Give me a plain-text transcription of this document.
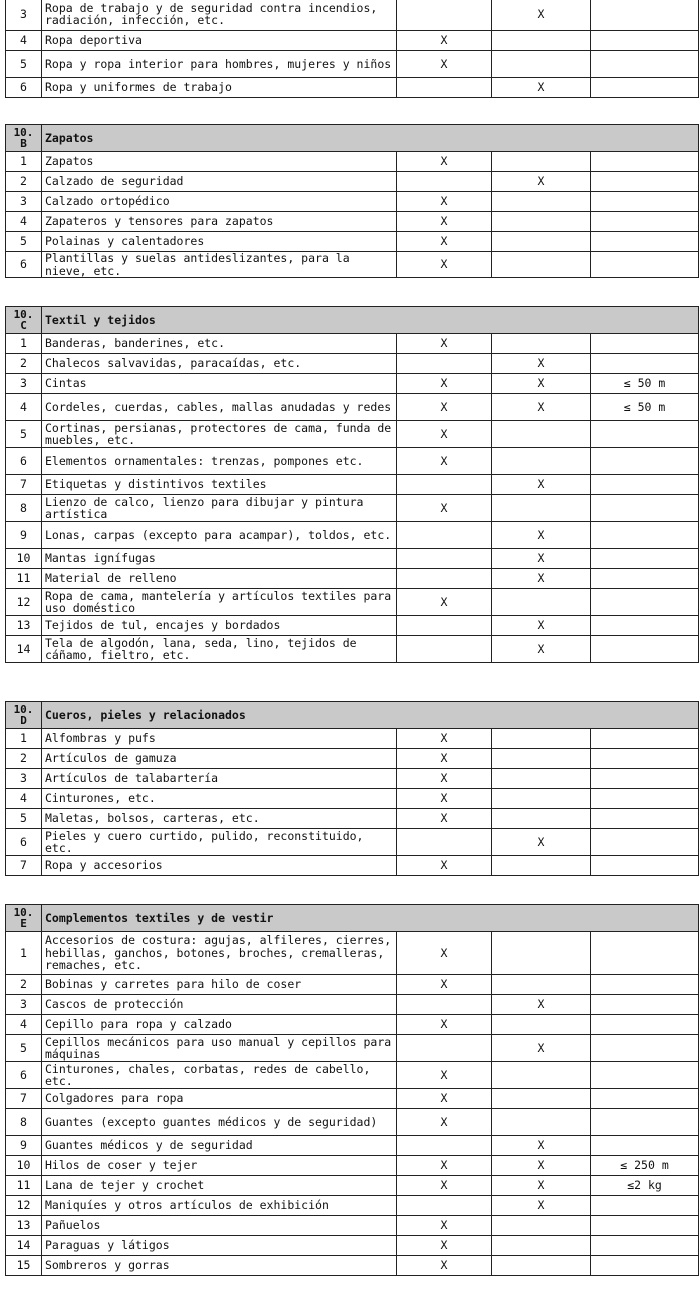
3	Ropa de trabajo y de seguridad contra incendios, radiación, infección, etc.		X	
4	Ropa deportiva	X		
5	Ropa y ropa interior para hombres, mujeres y niños	X		
6	Ropa y uniformes de trabajo		X	
10.
B	Zapatos			
1	Zapatos	X		
2	Calzado de seguridad		X	
3	Calzado ortopédico	X		
4	Zapateros y tensores para zapatos	X		
5	Polainas y calentadores	X		
6	Plantillas y suelas antideslizantes, para la nieve, etc.	X		
10.
C	Textil y tejidos			
1	Banderas, banderines, etc.	X		
2	Chalecos salvavidas, paracaídas, etc.		X	
3	Cintas	X	X	≤ 50 m
4	Cordeles, cuerdas, cables, mallas anudadas y redes	X	X	≤ 50 m
5	Cortinas, persianas, protectores de cama, funda de muebles, etc.	X		
6	Elementos ornamentales: trenzas, pompones etc.	X		
7	Etiquetas y distintivos textiles		X	
8	Lienzo de calco, lienzo para dibujar y pintura artística	X		
9	Lonas, carpas (excepto para acampar), toldos, etc.		X	
10	Mantas ignífugas		X	
11	Material de relleno		X	
12	Ropa de cama, mantelería y artículos textiles para uso doméstico	X		
13	Tejidos de tul, encajes y bordados		X	
14	Tela de algodón, lana, seda, lino, tejidos de cáñamo, fieltro, etc.		X	
10.
D	Cueros, pieles y relacionados			
1	Alfombras y pufs	X		
2	Artículos de gamuza	X		
3	Artículos de talabartería	X		
4	Cinturones, etc.	X		
5	Maletas, bolsos, carteras, etc.	X		
6	Pieles y cuero curtido, pulido, reconstituido, etc.		X	
7	Ropa y accesorios	X		
10.
E	Complementos textiles y de vestir			
1	Accesorios de costura: agujas, alfileres, cierres, hebillas, ganchos, botones, broches, cremalleras, remaches, etc.	X		
2	Bobinas y carretes para hilo de coser	X		
3	Cascos de protección		X	
4	Cepillo para ropa y calzado	X		
5	Cepillos mecánicos para uso manual y cepillos para máquinas		X	
6	Cinturones, chales, corbatas, redes de cabello, etc.	X		
7	Colgadores para ropa	X		
8	Guantes (excepto guantes médicos y de seguridad)	X		
9	Guantes médicos y de seguridad		X	
10	Hilos de coser y tejer	X	X	≤ 250 m
11	Lana de tejer y crochet	X	X	≤2 kg
12	Maniquíes y otros artículos de exhibición		X	
13	Pañuelos	X		
14	Paraguas y látigos	X		
15	Sombreros y gorras	X		
